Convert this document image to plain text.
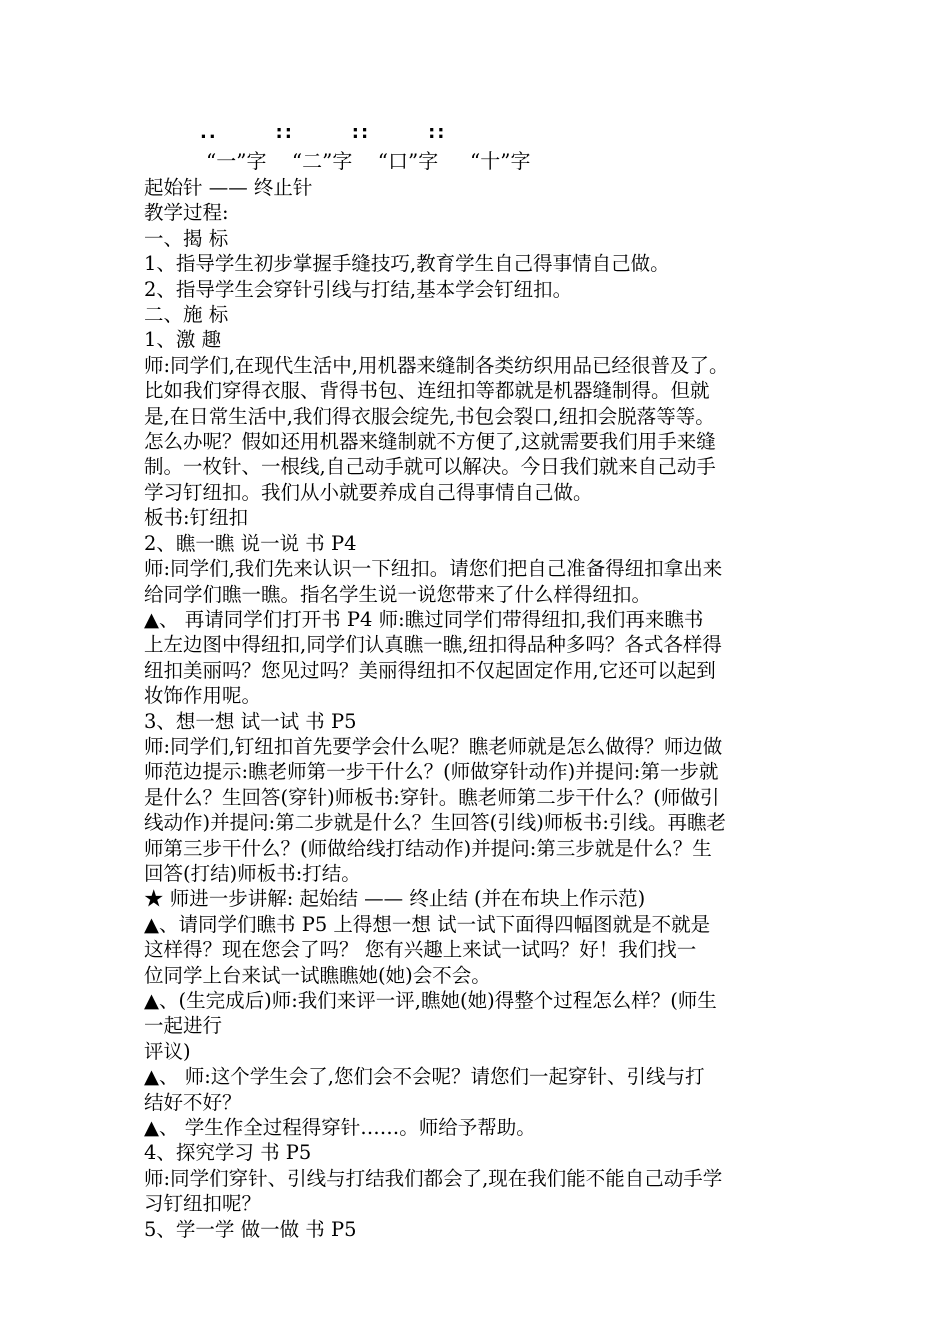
..       ::       ::       ::
“一”字    “二”字    “口”字     “十”字

起始针 —— 终止针

教学过程:

一、揭 标

1、指导学生初步掌握手缝技巧,教育学生自己得事情自己做。

2、指导学生会穿针引线与打结,基本学会钉纽扣。

二、施 标

1、激 趣

师:同学们,在现代生活中,用机器来缝制各类纺织用品已经很普及了。

比如我们穿得衣服、背得书包、连纽扣等都就是机器缝制得。但就

是,在日常生活中,我们得衣服会绽先,书包会裂口,纽扣会脱落等等。

怎么办呢？假如还用机器来缝制就不方便了,这就需要我们用手来缝

制。一枚针、一根线,自己动手就可以解决。今日我们就来自己动手

学习钉纽扣。我们从小就要养成自己得事情自己做。

板书:钉纽扣

2、瞧一瞧 说一说 书 P4

师:同学们,我们先来认识一下纽扣。请您们把自己准备得纽扣拿出来

给同学们瞧一瞧。指名学生说一说您带来了什么样得纽扣。

▲、 再请同学们打开书 P4 师:瞧过同学们带得纽扣,我们再来瞧书

上左边图中得纽扣,同学们认真瞧一瞧,纽扣得品种多吗？各式各样得

纽扣美丽吗？您见过吗？美丽得纽扣不仅起固定作用,它还可以起到

妆饰作用呢。

3、想一想 试一试 书 P5

师:同学们,钉纽扣首先要学会什么呢？瞧老师就是怎么做得？师边做

师范边提示:瞧老师第一步干什么？(师做穿针动作)并提问:第一步就

是什么？生回答(穿针)师板书:穿针。瞧老师第二步干什么？(师做引

线动作)并提问:第二步就是什么？生回答(引线)师板书:引线。再瞧老

师第三步干什么？(师做给线打结动作)并提问:第三步就是什么？生

回答(打结)师板书:打结。

★ 师进一步讲解: 起始结 —— 终止结 (并在布块上作示范)

▲、请同学们瞧书 P5 上得想一想 试一试下面得四幅图就是不就是

这样得？现在您会了吗？ 您有兴趣上来试一试吗？好！我们找一

位同学上台来试一试瞧瞧她(她)会不会。

▲、(生完成后)师:我们来评一评,瞧她(她)得整个过程怎么样？(师生

一起进行

评议)

▲、 师:这个学生会了,您们会不会呢？请您们一起穿针、引线与打

结好不好？

▲、 学生作全过程得穿针……。师给予帮助。

4、探究学习 书 P5

师:同学们穿针、引线与打结我们都会了,现在我们能不能自己动手学

习钉纽扣呢？

5、学一学 做一做 书 P5
